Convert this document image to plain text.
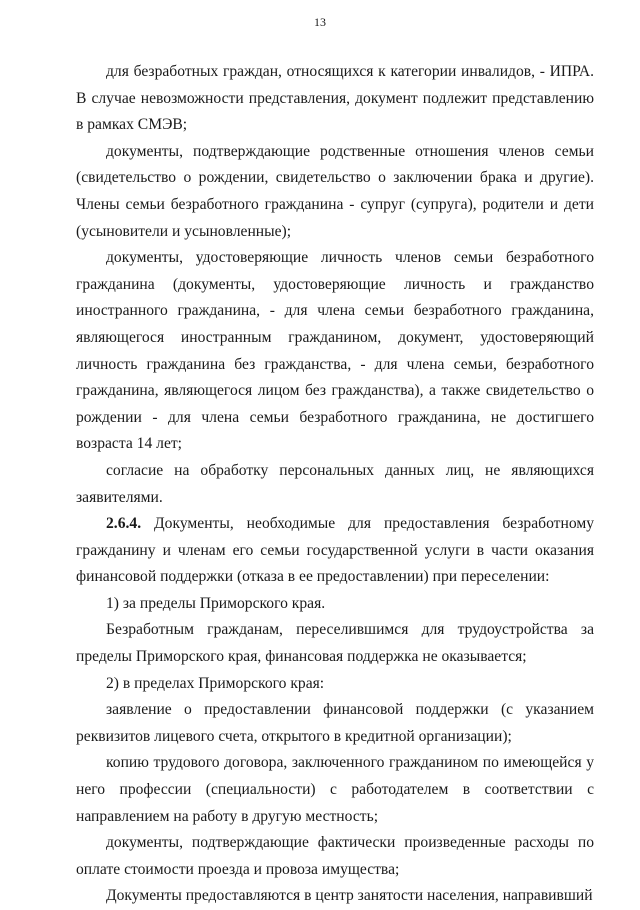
13

для безработных граждан, относящихся к категории инвалидов, - ИПРА. В случае невозможности представления, документ подлежит представлению в рамках СМЭВ;

документы, подтверждающие родственные отношения членов семьи (свидетельство о рождении, свидетельство о заключении брака и другие). Члены семьи безработного гражданина - супруг (супруга), родители и дети (усыновители и усыновленные);

документы, удостоверяющие личность членов семьи безработного гражданина (документы, удостоверяющие личность и гражданство иностранного гражданина, - для члена семьи безработного гражданина, являющегося иностранным гражданином, документ, удостоверяющий личность гражданина без гражданства, - для члена семьи, безработного гражданина, являющегося лицом без гражданства), а также свидетельство о рождении - для члена семьи безработного гражданина, не достигшего возраста 14 лет;

согласие на обработку персональных данных лиц, не являющихся заявителями.

2.6.4. Документы, необходимые для предоставления безработному гражданину и членам его семьи государственной услуги в части оказания финансовой поддержки (отказа в ее предоставлении) при переселении:

1) за пределы Приморского края.

Безработным гражданам, переселившимся для трудоустройства за пределы Приморского края, финансовая поддержка не оказывается;

2) в пределах Приморского края:

заявление о предоставлении финансовой поддержки (с указанием реквизитов лицевого счета, открытого в кредитной организации);

копию трудового договора, заключенного гражданином по имеющейся у него профессии (специальности) с работодателем в соответствии с направлением на работу в другую местность;

документы, подтверждающие фактически произведенные расходы по оплате стоимости проезда и провоза имущества;

Документы предоставляются в центр занятости населения, направивший
